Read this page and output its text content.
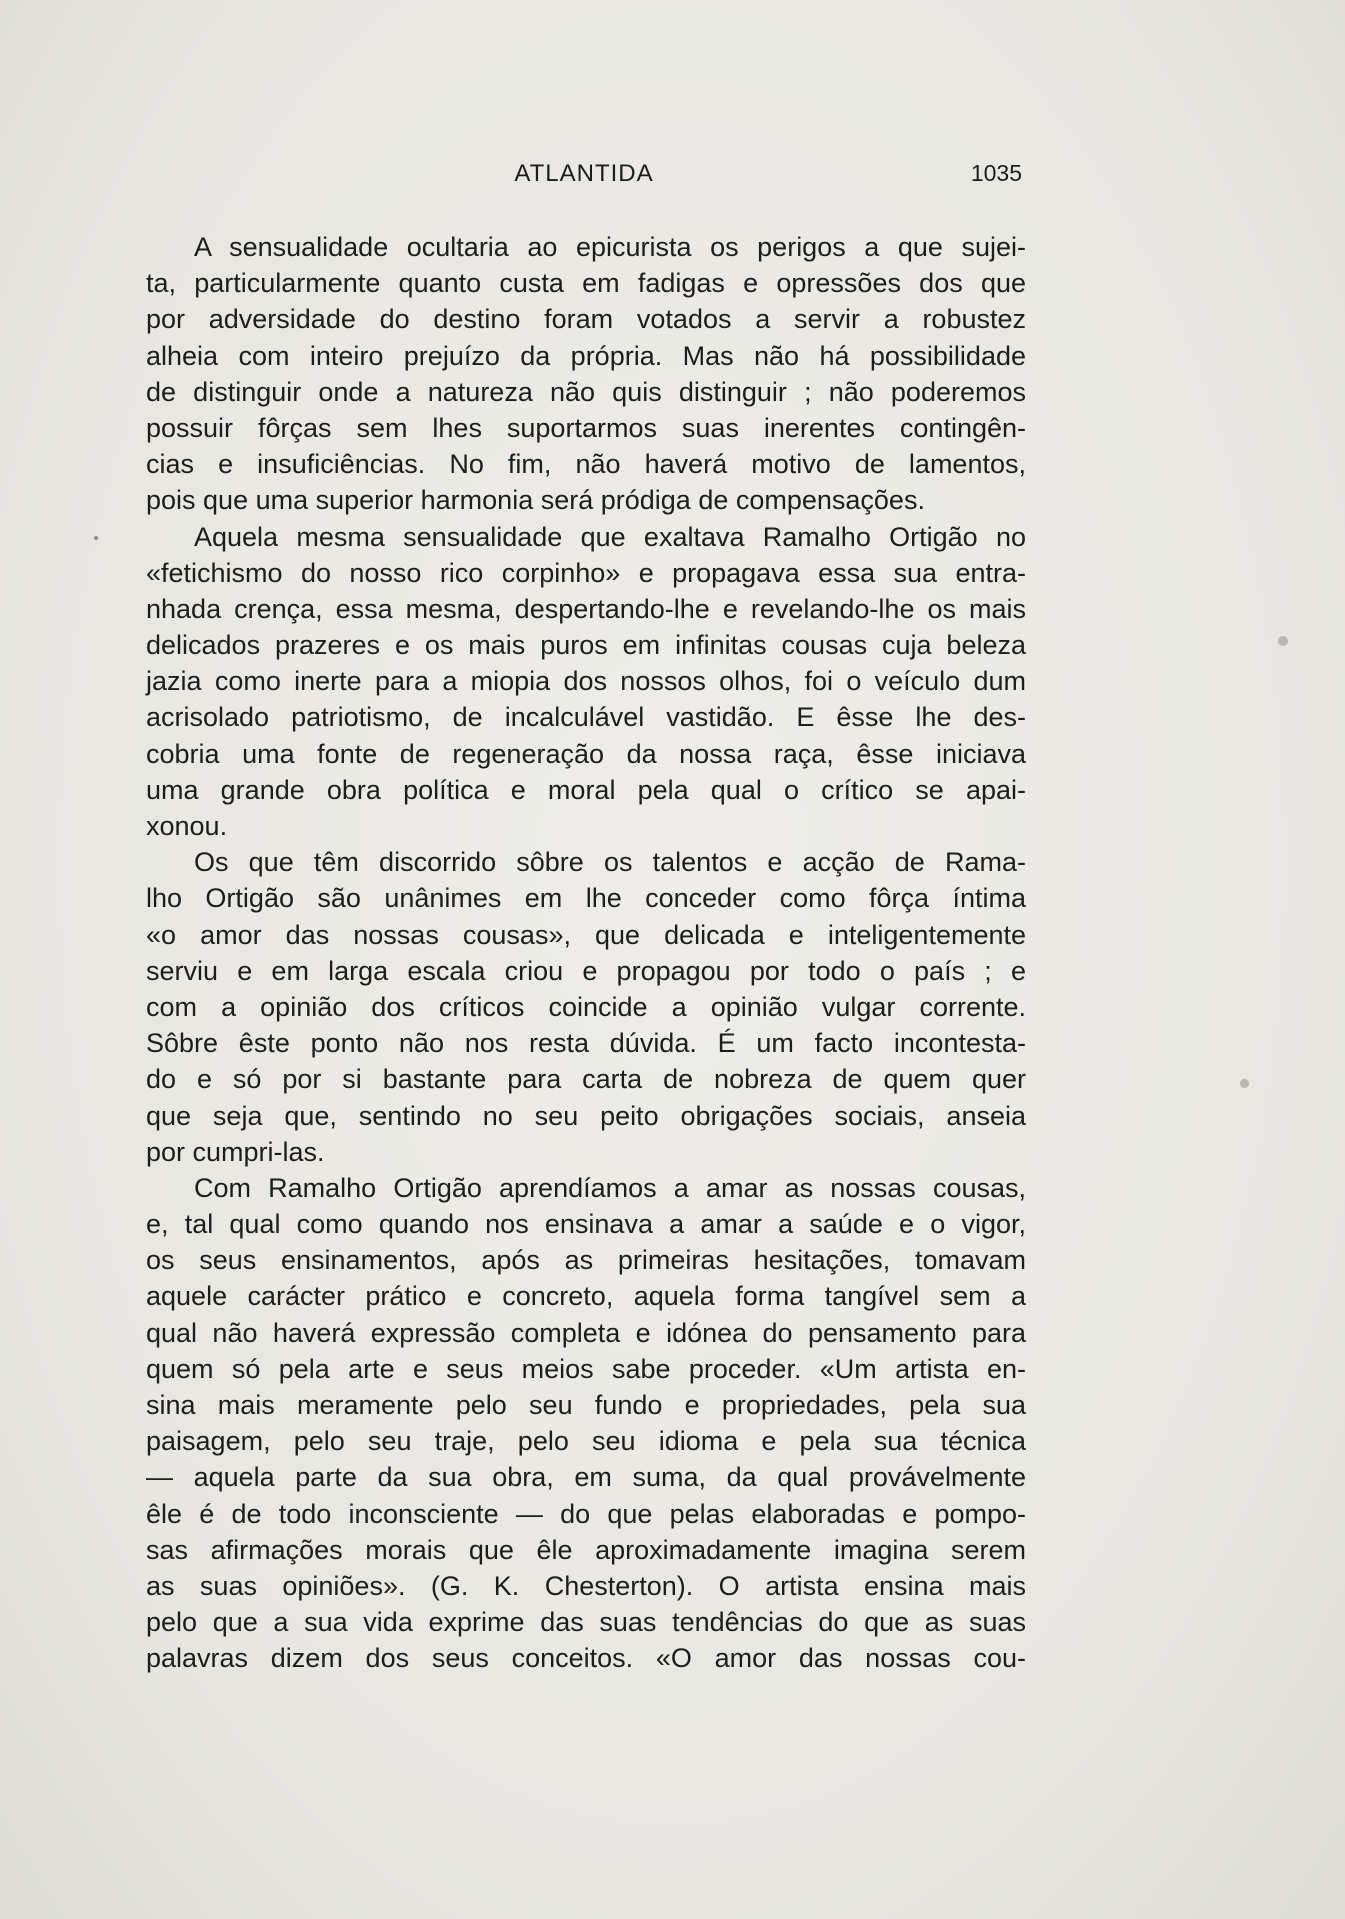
ATLANTIDA	1035
A sensualidade ocultaria ao epicurista os perigos a que sujei-
ta, particularmente quanto custa em fadigas e opressões dos que
por adversidade do destino foram votados a servir a robustez
alheia com inteiro prejuízo da própria. Mas não há possibilidade
de distinguir onde a natureza não quis distinguir ; não poderemos
possuir fôrças sem lhes suportarmos suas inerentes contingên-
cias e insuficiências. No fim, não haverá motivo de lamentos,
pois que uma superior harmonia será pródiga de compensações.
Aquela mesma sensualidade que exaltava Ramalho Ortigão no
«fetichismo do nosso rico corpinho» e propagava essa sua entra-
nhada crença, essa mesma, despertando-lhe e revelando-lhe os mais
delicados prazeres e os mais puros em infinitas cousas cuja beleza
jazia como inerte para a miopia dos nossos olhos, foi o veículo dum
acrisolado patriotismo, de incalculável vastidão. E êsse lhe des-
cobria uma fonte de regeneração da nossa raça, êsse iniciava
uma grande obra política e moral pela qual o crítico se apai-
xonou.
Os que têm discorrido sôbre os talentos e acção de Rama-
lho Ortigão são unânimes em lhe conceder como fôrça íntima
«o amor das nossas cousas», que delicada e inteligentemente
serviu e em larga escala criou e propagou por todo o país ; e
com a opinião dos críticos coincide a opinião vulgar corrente.
Sôbre êste ponto não nos resta dúvida. É um facto incontesta-
do e só por si bastante para carta de nobreza de quem quer
que seja que, sentindo no seu peito obrigações sociais, anseia
por cumpri-las.
Com Ramalho Ortigão aprendíamos a amar as nossas cousas,
e, tal qual como quando nos ensinava a amar a saúde e o vigor,
os seus ensinamentos, após as primeiras hesitações, tomavam
aquele carácter prático e concreto, aquela forma tangível sem a
qual não haverá expressão completa e idónea do pensamento para
quem só pela arte e seus meios sabe proceder. «Um artista en-
sina mais meramente pelo seu fundo e propriedades, pela sua
paisagem, pelo seu traje, pelo seu idioma e pela sua técnica
— aquela parte da sua obra, em suma, da qual provávelmente
êle é de todo inconsciente — do que pelas elaboradas e pompo-
sas afirmações morais que êle aproximadamente imagina serem
as suas opiniões». (G. K. Chesterton). O artista ensina mais
pelo que a sua vida exprime das suas tendências do que as suas
palavras dizem dos seus conceitos. «O amor das nossas cou-
